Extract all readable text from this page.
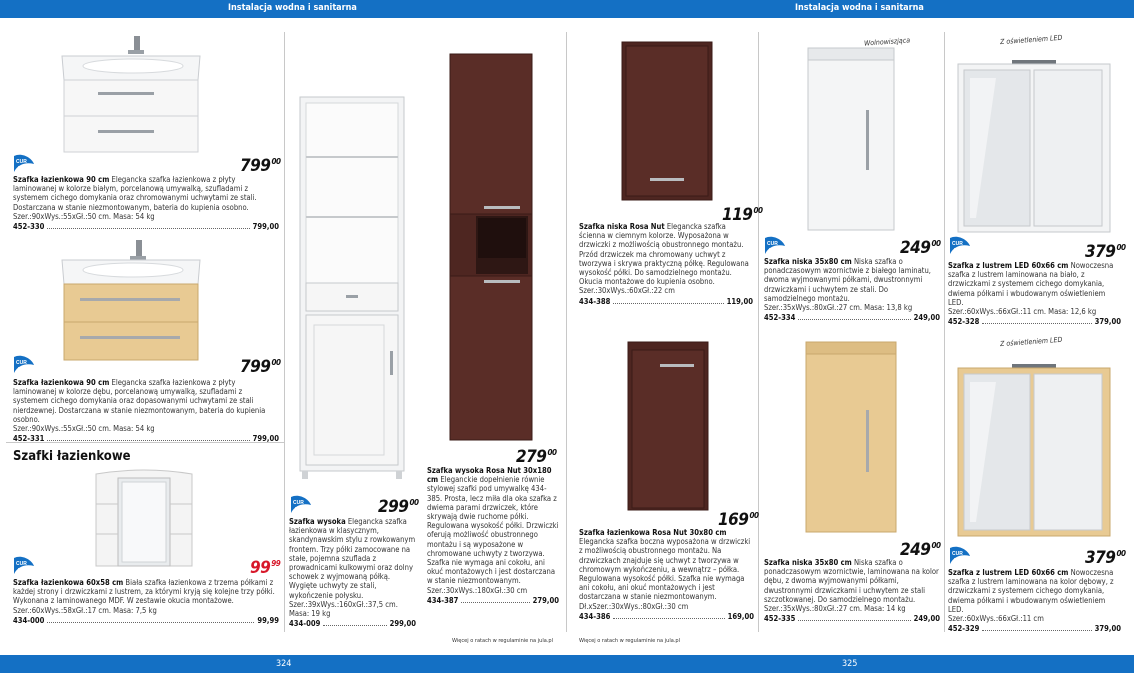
Instalacja wodna i sanitarna	Instalacja wodna i sanitarna
324	325
CUR
AQUA	$799^{00}$
Szafka łazienkowa 90 cm Elegancka szafka łazienkowa z płyty laminowanej w kolorze białym, porcelanową umywalką, szufladami z systemem cichego domykania oraz chromowanymi uchwytami ze stali. Dostarczana w stanie niezmontowanym, bateria do kupienia osobno.
Szer.:90xWys.:55xGł.:50 cm. Masa: 54 kg
452-330	799,00
CUR
AQUA	$799^{00}$
Szafka łazienkowa 90 cm Elegancka szafka łazienkowa z płyty laminowanej w kolorze dębu, porcelanową umywalką, szufladami z systemem cichego domykania oraz dopasowanymi uchwytami ze stali nierdzewnej. Dostarczana w stanie niezmontowanym, bateria do kupienia osobno.
Szer.:90xWys.:55xGł.:50 cm. Masa: 54 kg
452-331	799,00
Szafki łazienkowe
CUR
AQUA	$99^{99}$
Szafka łazienkowa 60x58 cm Biała szafka łazienkowa z trzema półkami z każdej strony i drzwiczkami z lustrem, za którymi kryją się kolejne trzy półki. Wykonana z laminowanego MDF. W zestawie okucia montażowe.
Szer.:60xWys.:58xGł.:17 cm. Masa: 7,5 kg
434-000	99,99
CUR
AQUA	$299^{00}$
Szafka wysoka Elegancka szafka łazienkowa w klasycznym, skandynawskim stylu z rowkowanym frontem. Trzy półki zamocowane na stałe, pojemna szuflada z prowadnicami kulkowymi oraz dolny schowek z wyjmowaną półką. Wygięte uchwyty ze stali, wykończenie połysku.
Szer.:39xWys.:160xGł.:37,5 cm. Masa: 19 kg
434-009	299,00
$279^{00}$
Szafka wysoka Rosa Nut 30x180 cm Eleganckie dopełnienie równie stylowej szafki pod umywalkę 434-385. Prosta, lecz miła dla oka szafka z dwiema parami drzwiczek, które skrywają dwie ruchome półki. Regulowana wysokość półki. Drzwiczki oferują możliwość obustronnego montażu i są wyposażone w chromowane uchwyty z tworzywa. Szafka nie wymaga ani cokołu, ani okuć montażowych i jest dostarczana w stanie niezmontowanym.
Szer.:30xWys.:180xGł.:30 cm
434-387	279,00
Więcej o ratach w regulaminie na jula.pl
$119^{00}$
Szafka niska Rosa Nut Elegancka szafka ścienna w ciemnym kolorze. Wyposażona w drzwiczki z możliwością obustronnego montażu. Przód drzwiczek ma chromowany uchwyt z tworzywa i skrywa praktyczną półkę. Regulowana wysokość półki. Do samodzielnego montażu. Okucia montażowe do kupienia osobno.
Szer.:30xWys.:60xGł.:22 cm
434-388	119,00
$169^{00}$
Szafka łazienkowa Rosa Nut 30x80 cm Elegancka szafka boczna wyposażona w drzwiczki z możliwością obustronnego montażu. Na drzwiczkach znajduje się uchwyt z tworzywa w chromowym wykończeniu, a wewnątrz – półka. Regulowana wysokość półki. Szafka nie wymaga ani cokołu, ani okuć montażowych i jest dostarczana w stanie niezmontowanym.
Dł.xSzer.:30xWys.:80xGł.:30 cm
434-386	169,00
Więcej o ratach w regulaminie na jula.pl
Wolnowiszjąca
CUR
AQUA	$249^{00}$
Szafka niska 35x80 cm Niska szafka o ponadczasowym wzornictwie z białego laminatu, dwoma wyjmowanymi półkami, dwustronnymi drzwiczkami i uchwytem ze stali. Do samodzielnego montażu.
Szer.:35xWys.:80xGł.:27 cm. Masa: 13,8 kg
452-334	249,00
$249^{00}$
Szafka niska 35x80 cm Niska szafka o ponadczasowym wzornictwie, laminowana na kolor dębu, z dwoma wyjmowanymi półkami, dwustronnymi drzwiczkami i uchwytem ze stali szczotkowanej. Do samodzielnego montażu.
Szer.:35xWys.:80xGł.:27 cm. Masa: 14 kg
452-335	249,00
Z oświetleniem LED
CUR
AQUA	$379^{00}$
Szafka z lustrem LED 60x66 cm Nowoczesna szafka z lustrem laminowana na biało, z drzwiczkami z systemem cichego domykania, dwiema półkami i wbudowanym oświetleniem LED.
Szer.:60xWys.:66xGł.:11 cm. Masa: 12,6 kg
452-328	379,00
Z oświetleniem LED
CUR
AQUA	$379^{00}$
Szafka z lustrem LED 60x66 cm Nowoczesna szafka z lustrem laminowana na kolor dębowy, z drzwiczkami z systemem cichego domykania, dwiema półkami i wbudowanym oświetleniem LED.
Szer.:60xWys.:66xGł.:11 cm
452-329	379,00
